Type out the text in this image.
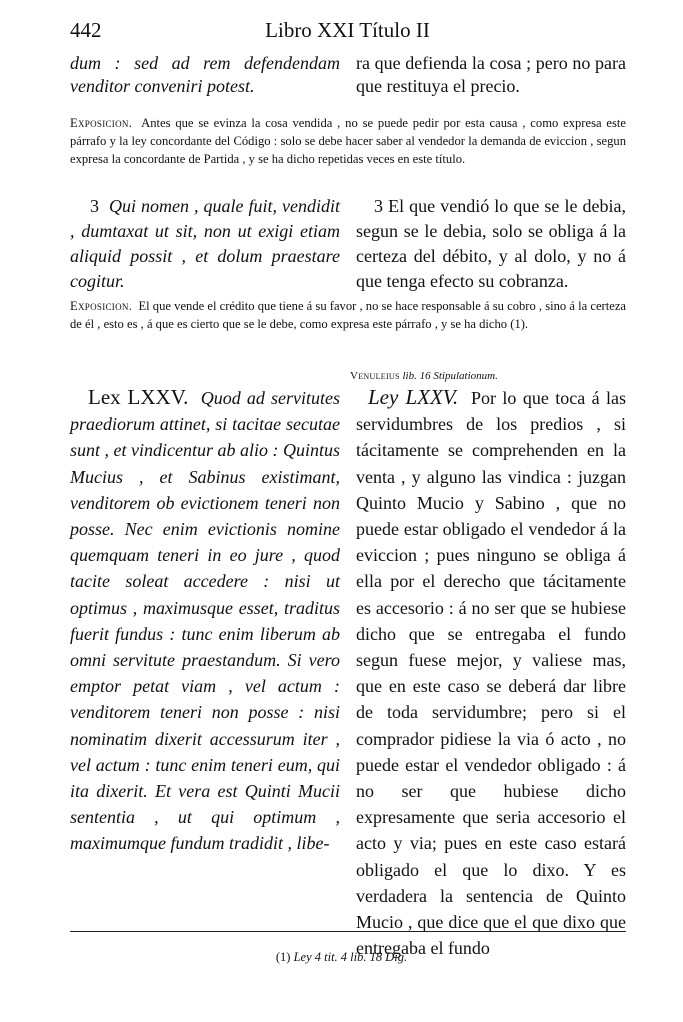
442	Libro XXI Título II
dum : sed ad rem defendendam venditor conveniri potest.
ra que defienda la cosa ; pero no para que restituya el precio.
Exposicion. Antes que se evinza la cosa vendida , no se puede pedir por esta causa , como expresa este párrafo y la ley concordante del Código : solo se debe hacer saber al vendedor la demanda de eviccion , segun expresa la concordante de Partida , y se ha dicho repetidas veces en este título.
3 Qui nomen , quale fuit, vendidit , dumtaxat ut sit, non ut exigi etiam aliquid possit , et dolum praestare cogitur.
3 El que vendió lo que se le debia, segun se le debia, solo se obliga á la certeza del débito, y al dolo, y no á que tenga efecto su cobranza.
Exposicion. El que vende el crédito que tiene á su favor , no se hace responsable á su cobro , sino á la certeza de él , esto es , á que es cierto que se le debe, como expresa este párrafo , y se ha dicho (1).
Venuleius lib. 16 Stipulationum.
Lex LXXV. Quod ad servitutes praediorum attinet, si tacitae secutae sunt , et vindicentur ab alio : Quintus Mucius , et Sabinus existimant, venditorem ob evictionem teneri non posse. Nec enim evictionis nomine quemquam teneri in eo jure , quod tacite soleat accedere : nisi ut optimus , maximusque esset, traditus fuerit fundus : tunc enim liberum ab omni servitute praestandum. Si vero emptor petat viam , vel actum : venditorem teneri non posse : nisi nominatim dixerit accessurum iter , vel actum : tunc enim teneri eum, qui ita dixerit. Et vera est Quinti Mucii sententia , ut qui optimum , maximumque fundum tradidit , libe-
Ley LXXV. Por lo que toca á las servidumbres de los predios , si tácitamente se comprehenden en la venta , y alguno las vindica : juzgan Quinto Mucio y Sabino , que no puede estar obligado el vendedor á la eviccion ; pues ninguno se obliga á ella por el derecho que tácitamente es accesorio : á no ser que se hubiese dicho que se entregaba el fundo segun fuese mejor, y valiese mas, que en este caso se deberá dar libre de toda servidumbre; pero si el comprador pidiese la via ó acto , no puede estar el vendedor obligado : á no ser que hubiese dicho expresamente que seria accesorio el acto y via; pues en este caso estará obligado el que lo dixo. Y es verdadera la sentencia de Quinto Mucio , que dice que el que dixo que entregaba el fundo
(1) Ley 4 tit. 4 lib. 18 Dig.
